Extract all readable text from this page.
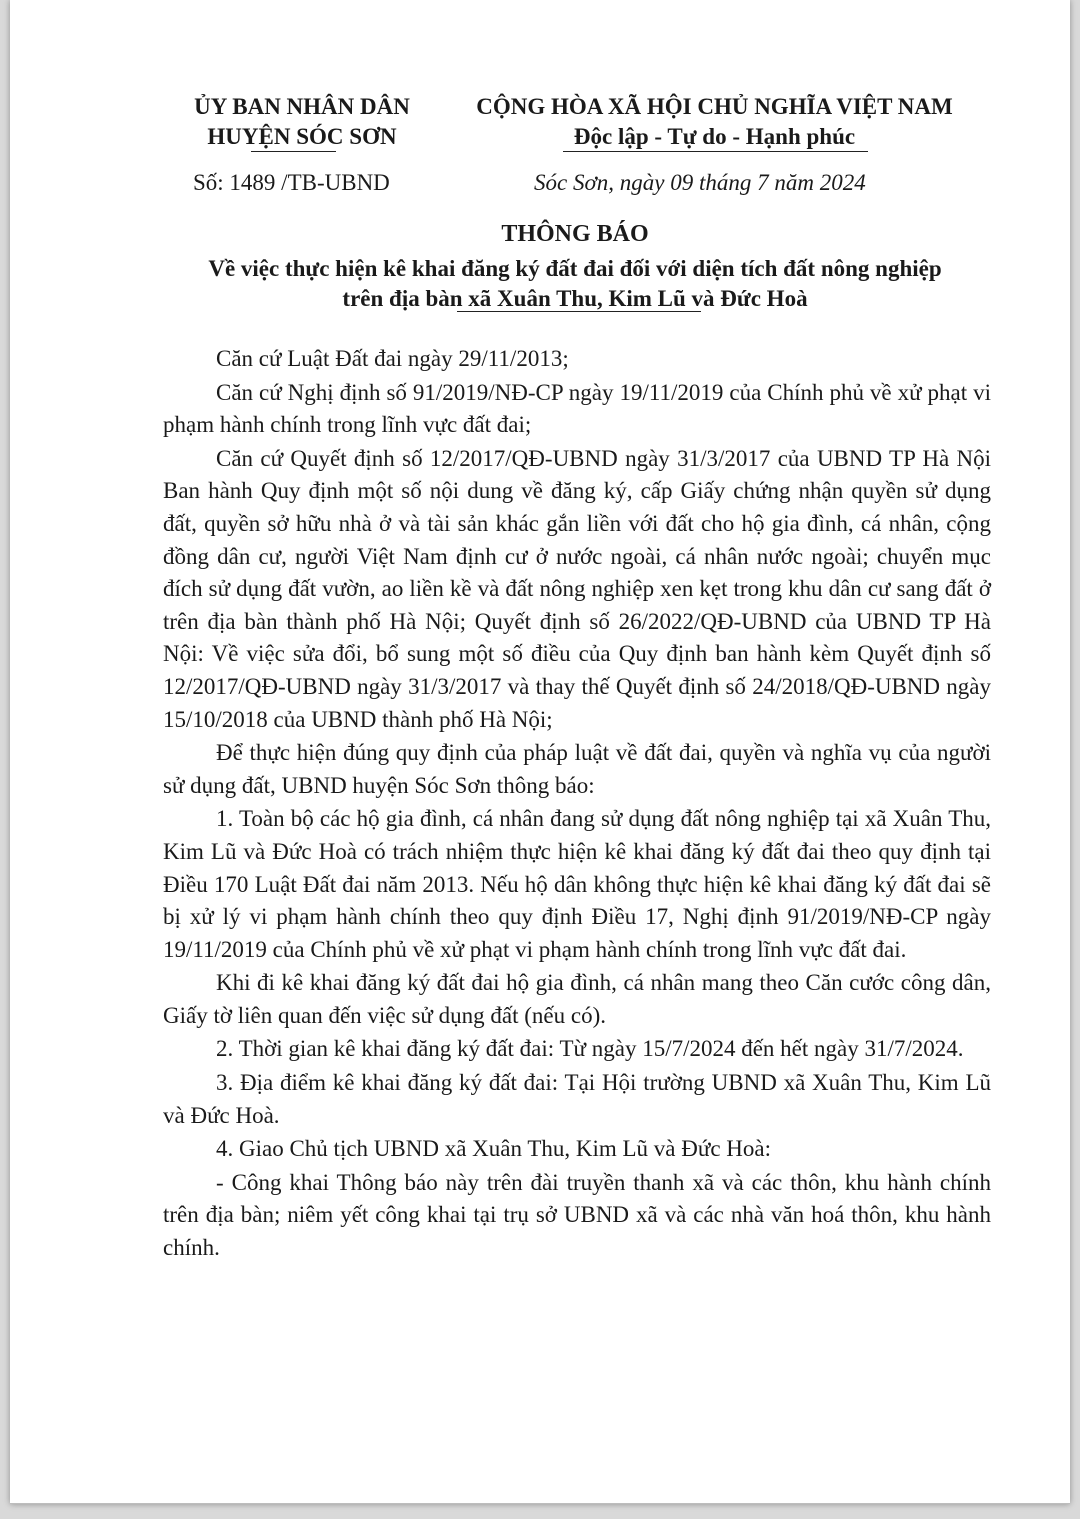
ỦY BAN NHÂN DÂN
HUYỆN SÓC SƠN
CỘNG HÒA XÃ HỘI CHỦ NGHĨA VIỆT NAM
Độc lập - Tự do - Hạnh phúc
Số: 1489 /TB-UBND	Sóc Sơn, ngày 09 tháng 7 năm 2024
THÔNG BÁO
Về việc thực hiện kê khai đăng ký đất đai đối với diện tích đất nông nghiệp
trên địa bàn xã Xuân Thu, Kim Lũ và Đức Hoà

Căn cứ Luật Đất đai ngày 29/11/2013;

Căn cứ Nghị định số 91/2019/NĐ-CP ngày 19/11/2019 của Chính phủ về xử phạt vi phạm hành chính trong lĩnh vực đất đai;

Căn cứ Quyết định số 12/2017/QĐ-UBND ngày 31/3/2017 của UBND TP Hà Nội Ban hành Quy định một số nội dung về đăng ký, cấp Giấy chứng nhận quyền sử dụng đất, quyền sở hữu nhà ở và tài sản khác gắn liền với đất cho hộ gia đình, cá nhân, cộng đồng dân cư, người Việt Nam định cư ở nước ngoài, cá nhân nước ngoài; chuyển mục đích sử dụng đất vườn, ao liền kề và đất nông nghiệp xen kẹt trong khu dân cư sang đất ở trên địa bàn thành phố Hà Nội; Quyết định số 26/2022/QĐ-UBND của UBND TP Hà Nội: Về việc sửa đổi, bổ sung một số điều của Quy định ban hành kèm Quyết định số 12/2017/QĐ-UBND ngày 31/3/2017 và thay thế Quyết định số 24/2018/QĐ-UBND ngày 15/10/2018 của UBND thành phố Hà Nội;

Để thực hiện đúng quy định của pháp luật về đất đai, quyền và nghĩa vụ của người sử dụng đất, UBND huyện Sóc Sơn thông báo:

1. Toàn bộ các hộ gia đình, cá nhân đang sử dụng đất nông nghiệp tại xã Xuân Thu, Kim Lũ và Đức Hoà có trách nhiệm thực hiện kê khai đăng ký đất đai theo quy định tại Điều 170 Luật Đất đai năm 2013. Nếu hộ dân không thực hiện kê khai đăng ký đất đai sẽ bị xử lý vi phạm hành chính theo quy định Điều 17, Nghị định 91/2019/NĐ-CP ngày 19/11/2019 của Chính phủ về xử phạt vi phạm hành chính trong lĩnh vực đất đai.

Khi đi kê khai đăng ký đất đai hộ gia đình, cá nhân mang theo Căn cước công dân, Giấy tờ liên quan đến việc sử dụng đất (nếu có).

2. Thời gian kê khai đăng ký đất đai: Từ ngày 15/7/2024 đến hết ngày 31/7/2024.

3. Địa điểm kê khai đăng ký đất đai: Tại Hội trường UBND xã Xuân Thu, Kim Lũ và Đức Hoà.

4. Giao Chủ tịch UBND xã Xuân Thu, Kim Lũ và Đức Hoà:

- Công khai Thông báo này trên đài truyền thanh xã và các thôn, khu hành chính trên địa bàn; niêm yết công khai tại trụ sở UBND xã và các nhà văn hoá thôn, khu hành chính.
